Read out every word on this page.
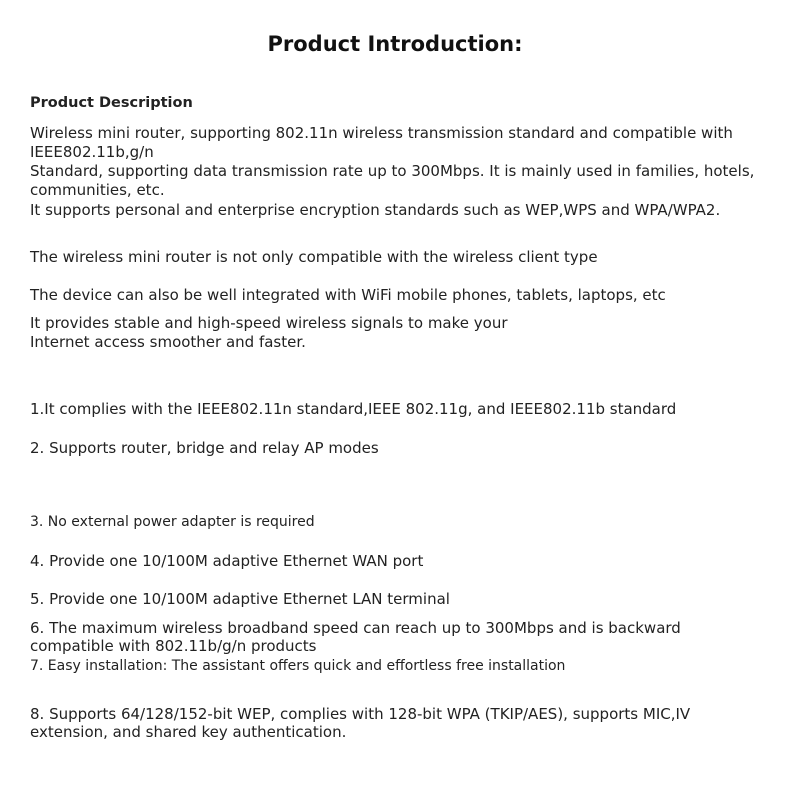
Product Introduction:
Product Description

Wireless mini router, supporting 802.11n wireless transmission standard and compatible with

IEEE802.11b,g/n

Standard, supporting data transmission rate up to 300Mbps. It is mainly used in families, hotels,

communities, etc.

It supports personal and enterprise encryption standards such as WEP,WPS and WPA/WPA2.

The wireless mini router is not only compatible with the wireless client type

The device can also be well integrated with WiFi mobile phones, tablets, laptops, etc

It provides stable and high-speed wireless signals to make your

Internet access smoother and faster.

1.It complies with the IEEE802.11n standard,IEEE 802.11g, and IEEE802.11b standard

2. Supports router, bridge and relay AP modes

3. No external power adapter is required

4. Provide one 10/100M adaptive Ethernet WAN port

5. Provide one 10/100M adaptive Ethernet LAN terminal

6. The maximum wireless broadband speed can reach up to 300Mbps and is backward

compatible with 802.11b/g/n products

7. Easy installation: The assistant offers quick and effortless free installation

8. Supports 64/128/152-bit WEP, complies with 128-bit WPA (TKIP/AES), supports MIC,IV

extension, and shared key authentication.
